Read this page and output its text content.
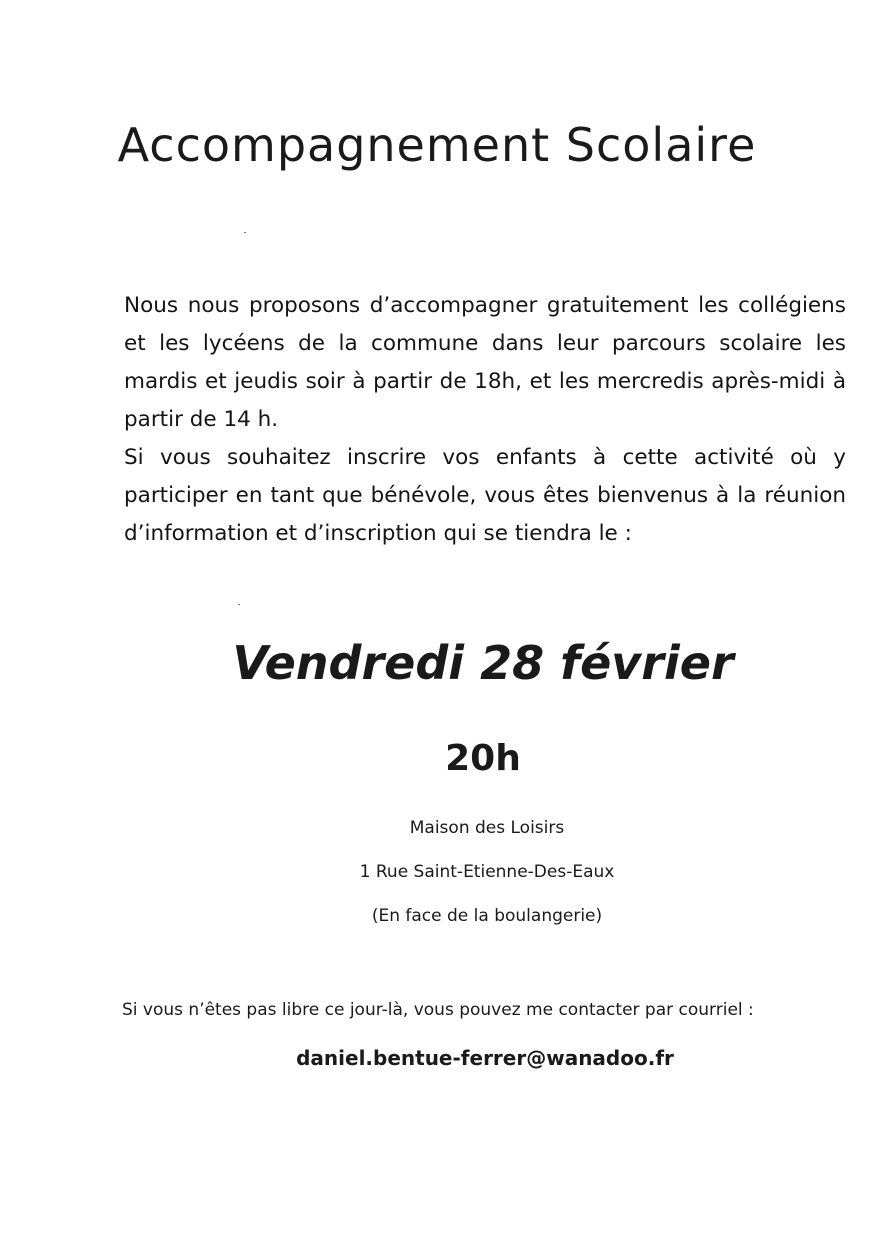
Accompagnement Scolaire

Nous nous proposons d’accompagner gratuitement les collégiens et les lycéens de la commune dans leur parcours scolaire les mardis et jeudis soir à partir de 18h, et les mercredis après-midi à partir de 14 h.

Si vous souhaitez inscrire vos enfants à cette activité où y participer en tant que bénévole, vous êtes bienvenus à la réunion d’information et d’inscription qui se tiendra le :

Vendredi 28 février
20h
Maison des Loisirs
1 Rue Saint-Etienne-Des-Eaux
(En face de la boulangerie)
Si vous n’êtes pas libre ce jour-là, vous pouvez me contacter par courriel :
daniel.bentue-ferrer@wanadoo.fr
